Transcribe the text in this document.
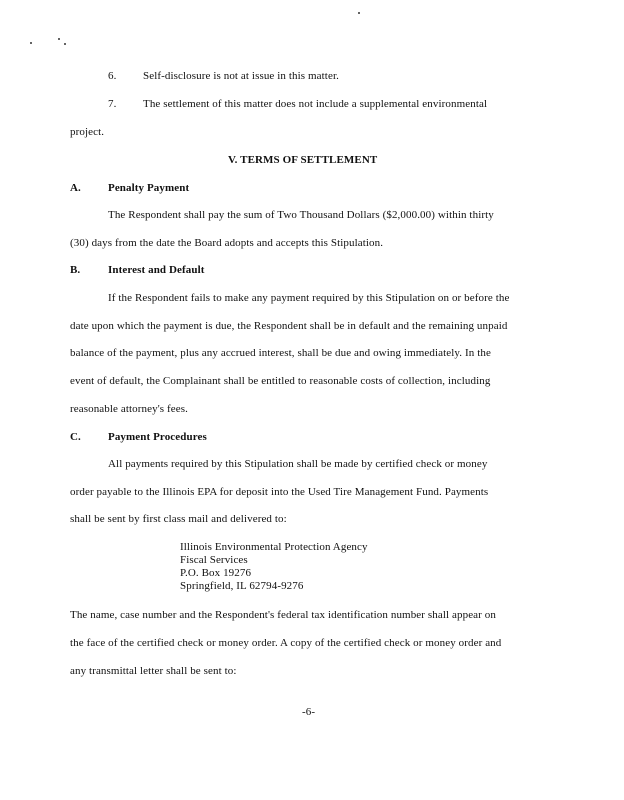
6. Self-disclosure is not at issue in this matter.
7. The settlement of this matter does not include a supplemental environmental
project.
V. TERMS OF SETTLEMENT
A. Penalty Payment
The Respondent shall pay the sum of Two Thousand Dollars ($2,000.00) within thirty
(30) days from the date the Board adopts and accepts this Stipulation.
B.	Interest and Default
If the Respondent fails to make any payment required by this Stipulation on or before the
date upon which the payment is due, the Respondent shall be in default and the remaining unpaid
balance of the payment, plus any accrued interest, shall be due and owing immediately. In the
event of default, the Complainant shall be entitled to reasonable costs of collection, including
reasonable attorney's fees.
C. Payment Procedures
All payments required by this Stipulation shall be made by certified check or money
order payable to the Illinois EPA for deposit into the Used Tire Management Fund. Payments
shall be sent by first class mail and delivered to:
Illinois Environmental Protection Agency
Fiscal Services
P.O. Box 19276
Springfield, IL 62794-9276
The name, case number and the Respondent's federal tax identification number shall appear on
the face of the certified check or money order. A copy of the certified check or money order and
any transmittal letter shall be sent to:
-6-
